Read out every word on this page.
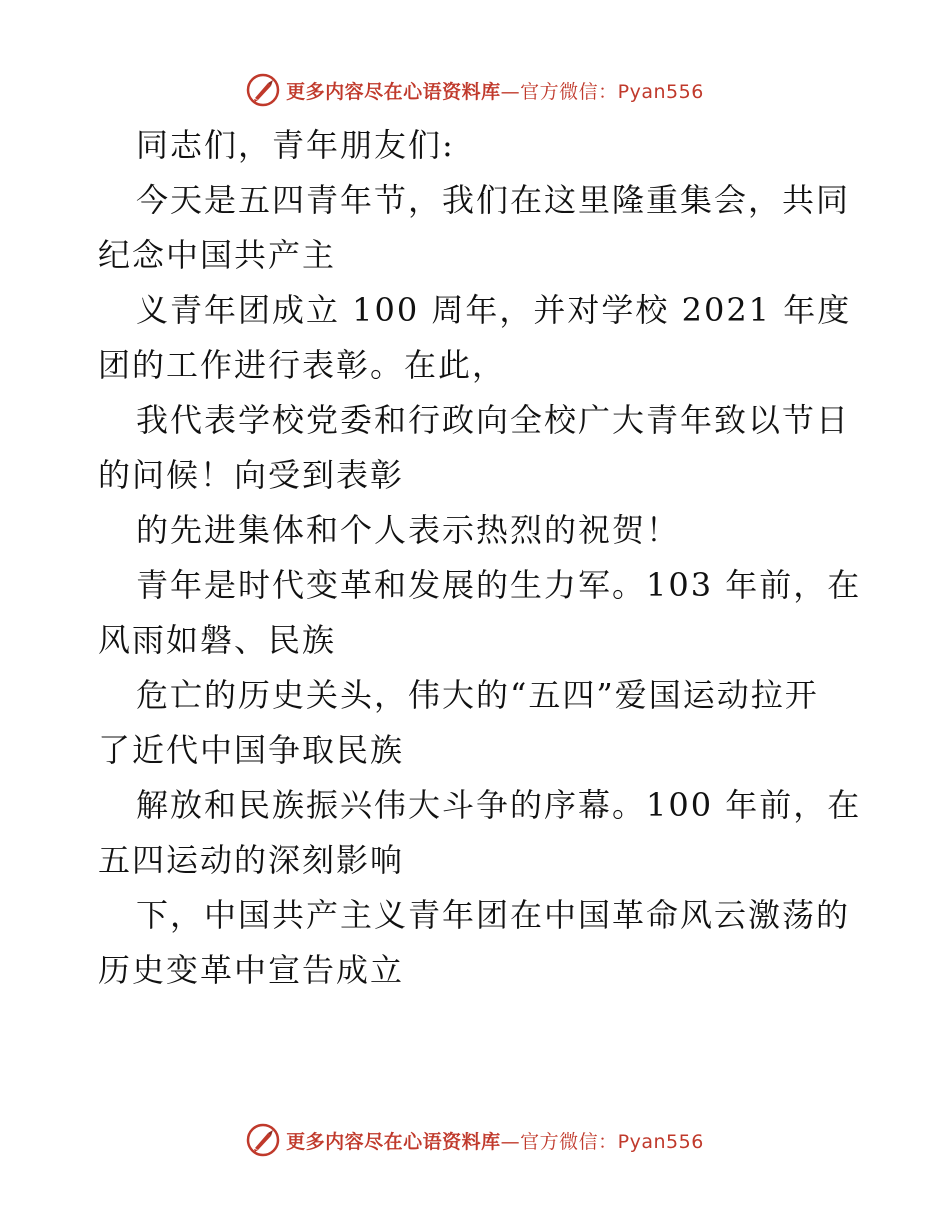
更多内容尽在心语资料库—官方微信：Pyan556
同志们，青年朋友们:
今天是五四青年节，我们在这里隆重集会，共同
纪念中国共产主
义青年团成立 100 周年，并对学校 2021 年度
团的工作进行表彰。在此，
我代表学校党委和行政向全校广大青年致以节日
的问候！向受到表彰
的先进集体和个人表示热烈的祝贺！
青年是时代变革和发展的生力军。103 年前，在
风雨如磐、民族
危亡的历史关头，伟大的“五四”爱国运动拉开
了近代中国争取民族
解放和民族振兴伟大斗争的序幕。100 年前，在
五四运动的深刻影响
下，中国共产主义青年团在中国革命风云激荡的
历史变革中宣告成立
更多内容尽在心语资料库—官方微信：Pyan556
